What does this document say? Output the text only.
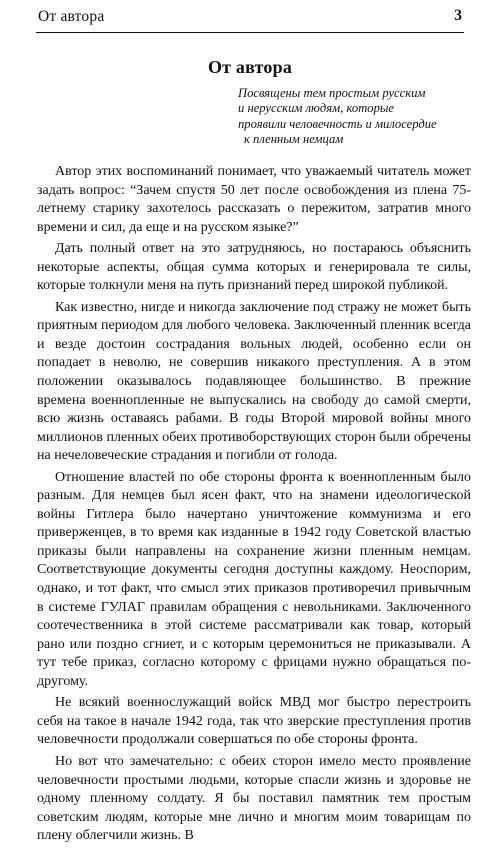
От автора	3
От автора
Посвящены тем простым русским
и нерусским людям, которые
проявили человечность и милосердие
к пленным немцам

Автор этих воспоминаний понимает, что уважаемый читатель может задать вопрос: “Зачем спустя 50 лет после освобождения из плена 75-летнему старику захотелось рассказать о пережитом, затратив много времени и сил, да еще и на русском языке?”

Дать полный ответ на это затрудняюсь, но постараюсь объяснить некоторые аспекты, общая сумма которых и генерировала те силы, которые толкнули меня на путь признаний перед широкой публикой.

Как известно, нигде и никогда заключение под стражу не может быть приятным периодом для любого человека. Заключенный пленник всегда и везде достоин сострадания вольных людей, особенно если он попадает в неволю, не совершив никакого преступления. А в этом положении оказывалось подавляющее большинство. В прежние времена военнопленные не выпускались на свободу до самой смерти, всю жизнь оставаясь рабами. В годы Второй мировой войны много миллионов пленных обеих противоборствующих сторон были обречены на нечеловеческие страдания и погибли от голода.

Отношение властей по обе стороны фронта к военнопленным было разным. Для немцев был ясен факт, что на знамени идеологической войны Гитлера было начертано уничтожение коммунизма и его приверженцев, в то время как изданные в 1942 году Советской властью приказы были направлены на сохранение жизни пленным немцам. Соответствующие документы сегодня доступны каждому. Неоспорим, однако, и тот факт, что смысл этих приказов противоречил привычным в системе ГУЛАГ правилам обращения с невольниками. Заключенного соотечественника в этой системе рассматривали как товар, который рано или поздно сгниет, и с которым церемониться не приказывали. А тут тебе приказ, согласно которому с фрицами нужно обращаться по-другому.

Не всякий военнослужащий войск МВД мог быстро перестроить себя на такое в начале 1942 года, так что зверские преступления против человечности продолжали совершаться по обе стороны фронта.

Но вот что замечательно: с обеих сторон имело место проявление человечности простыми людьми, которые спасли жизнь и здоровье не одному пленному солдату. Я бы поставил памятник тем простым советским людям, которые мне лично и многим моим товарищам по плену облегчили жизнь. В
